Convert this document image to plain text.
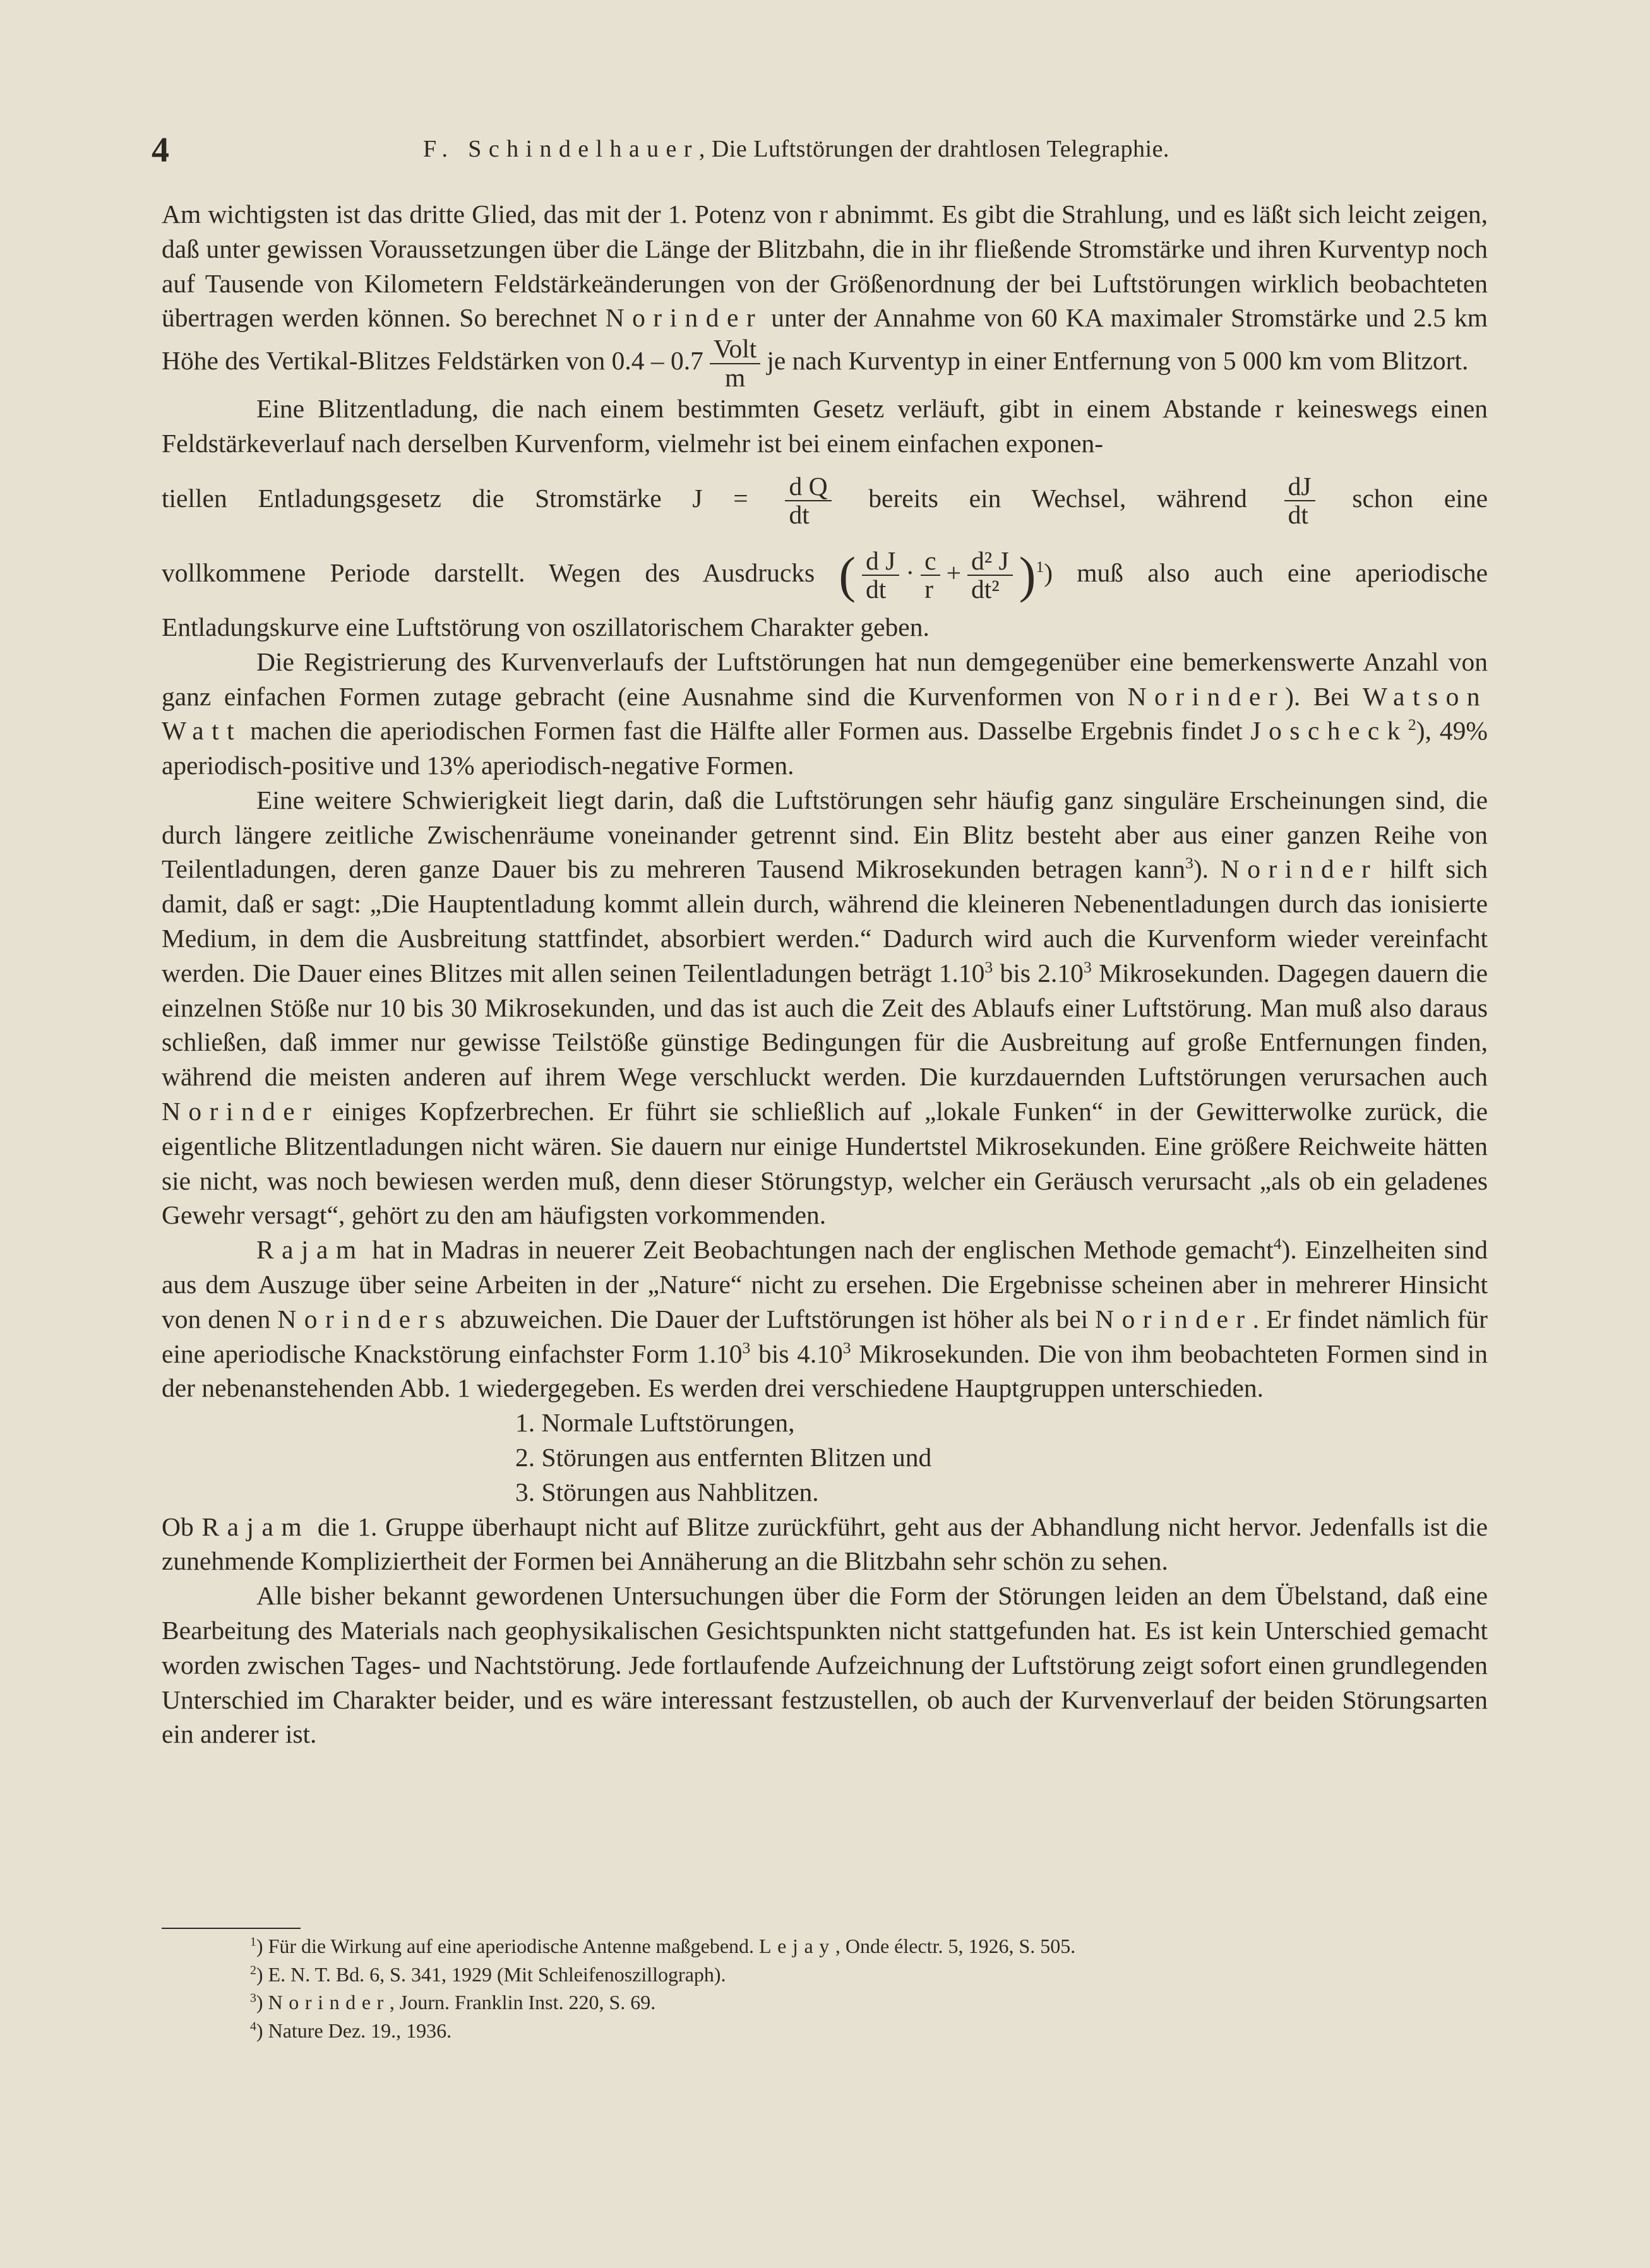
4	F. Schindelhauer, Die Luftstörungen der drahtlosen Telegraphie.

Am wichtigsten ist das dritte Glied, das mit der 1. Potenz von r abnimmt. Es gibt die Strahlung, und es läßt sich leicht zeigen, daß unter gewissen Voraussetzungen über die Länge der Blitzbahn, die in ihr fließende Stromstärke und ihren Kurventyp noch auf Tausende von Kilometern Feldstärkeänderungen von der Größenordnung der bei Luftstörungen wirklich beobachteten übertragen werden können. So berechnet Norinder unter der Annahme von 60 KA maximaler Stromstärke und 2.5 km Höhe des Vertikal-Blitzes Feldstärken von $0.4 - 0.7 \frac{\text{Volt}}{m}$ je nach Kurventyp in einer Entfernung von 5 000 km vom Blitzort.

Eine Blitzentladung, die nach einem bestimmten Gesetz verläuft, gibt in einem Abstande r keineswegs einen Feldstärkeverlauf nach derselben Kurvenform, vielmehr ist bei einem einfachen exponen-

tiellen Entladungsgesetz die Stromstärke $J = \frac{\text{d Q}}{dt}$ bereits ein Wechsel, während $\frac{dJ}{dt}$ schon eine

vollkommene Periode darstellt. Wegen des Ausdrucks ( $\frac{\text{d J}}{dt} \cdot \frac{c}{r} + \frac{\text{d² J}}{\text{dt²}} )^1$) muß also auch eine aperiodische

Entladungskurve eine Luftstörung von oszillatorischem Charakter geben.

Die Registrierung des Kurvenverlaufs der Luftstörungen hat nun demgegenüber eine bemerkenswerte Anzahl von ganz einfachen Formen zutage gebracht (eine Ausnahme sind die Kurvenformen von Norinder). Bei Watson Watt machen die aperiodischen Formen fast die Hälfte aller Formen aus. Dasselbe Ergebnis findet Joscheck$^2$), 49% aperiodisch-positive und 13% aperiodisch-negative Formen.

Eine weitere Schwierigkeit liegt darin, daß die Luftstörungen sehr häufig ganz singuläre Erscheinungen sind, die durch längere zeitliche Zwischenräume voneinander getrennt sind. Ein Blitz besteht aber aus einer ganzen Reihe von Teilentladungen, deren ganze Dauer bis zu mehreren Tausend Mikrosekunden betragen kann$^3$). Norinder hilft sich damit, daß er sagt: „Die Hauptentladung kommt allein durch, während die kleineren Nebenentladungen durch das ionisierte Medium, in dem die Ausbreitung stattfindet, absorbiert werden.“ Dadurch wird auch die Kurvenform wieder vereinfacht werden. Die Dauer eines Blitzes mit allen seinen Teilentladungen beträgt 1.10$^3$ bis 2.10$^3$ Mikrosekunden. Dagegen dauern die einzelnen Stöße nur 10 bis 30 Mikrosekunden, und das ist auch die Zeit des Ablaufs einer Luftstörung. Man muß also daraus schließen, daß immer nur gewisse Teilstöße günstige Bedingungen für die Ausbreitung auf große Entfernungen finden, während die meisten anderen auf ihrem Wege verschluckt werden. Die kurzdauernden Luftstörungen verursachen auch Norinder einiges Kopfzerbrechen. Er führt sie schließlich auf „lokale Funken“ in der Gewitterwolke zurück, die eigentliche Blitzentladungen nicht wären. Sie dauern nur einige Hundertstel Mikrosekunden. Eine größere Reichweite hätten sie nicht, was noch bewiesen werden muß, denn dieser Störungstyp, welcher ein Geräusch verursacht „als ob ein geladenes Gewehr versagt“, gehört zu den am häufigsten vorkommenden.

Rajam hat in Madras in neuerer Zeit Beobachtungen nach der englischen Methode gemacht$^4$). Einzelheiten sind aus dem Auszuge über seine Arbeiten in der „Nature“ nicht zu ersehen. Die Ergebnisse scheinen aber in mehrerer Hinsicht von denen Norinders abzuweichen. Die Dauer der Luftstörungen ist höher als bei Norinder. Er findet nämlich für eine aperiodische Knackstörung einfachster Form 1.10$^3$ bis 4.10$^3$ Mikrosekunden. Die von ihm beobachteten Formen sind in der nebenanstehenden Abb. 1 wiedergegeben. Es werden drei verschiedene Hauptgruppen unterschieden.

1. Normale Luftstörungen,
2. Störungen aus entfernten Blitzen und
3. Störungen aus Nahblitzen.

Ob Rajam die 1. Gruppe überhaupt nicht auf Blitze zurückführt, geht aus der Abhandlung nicht hervor. Jedenfalls ist die zunehmende Kompliziertheit der Formen bei Annäherung an die Blitzbahn sehr schön zu sehen.

Alle bisher bekannt gewordenen Untersuchungen über die Form der Störungen leiden an dem Übelstand, daß eine Bearbeitung des Materials nach geophysikalischen Gesichtspunkten nicht stattgefunden hat. Es ist kein Unterschied gemacht worden zwischen Tages- und Nachtstörung. Jede fortlaufende Aufzeichnung der Luftstörung zeigt sofort einen grundlegenden Unterschied im Charakter beider, und es wäre interessant festzustellen, ob auch der Kurvenverlauf der beiden Störungsarten ein anderer ist.

$^1$) Für die Wirkung auf eine aperiodische Antenne maßgebend. Lejay, Onde électr. 5, 1926, S. 505.
$^2$) E. N. T. Bd. 6, S. 341, 1929 (Mit Schleifenoszillograph).
$^3$) Norinder, Journ. Franklin Inst. 220, S. 69.
$^4$) Nature Dez. 19., 1936.
